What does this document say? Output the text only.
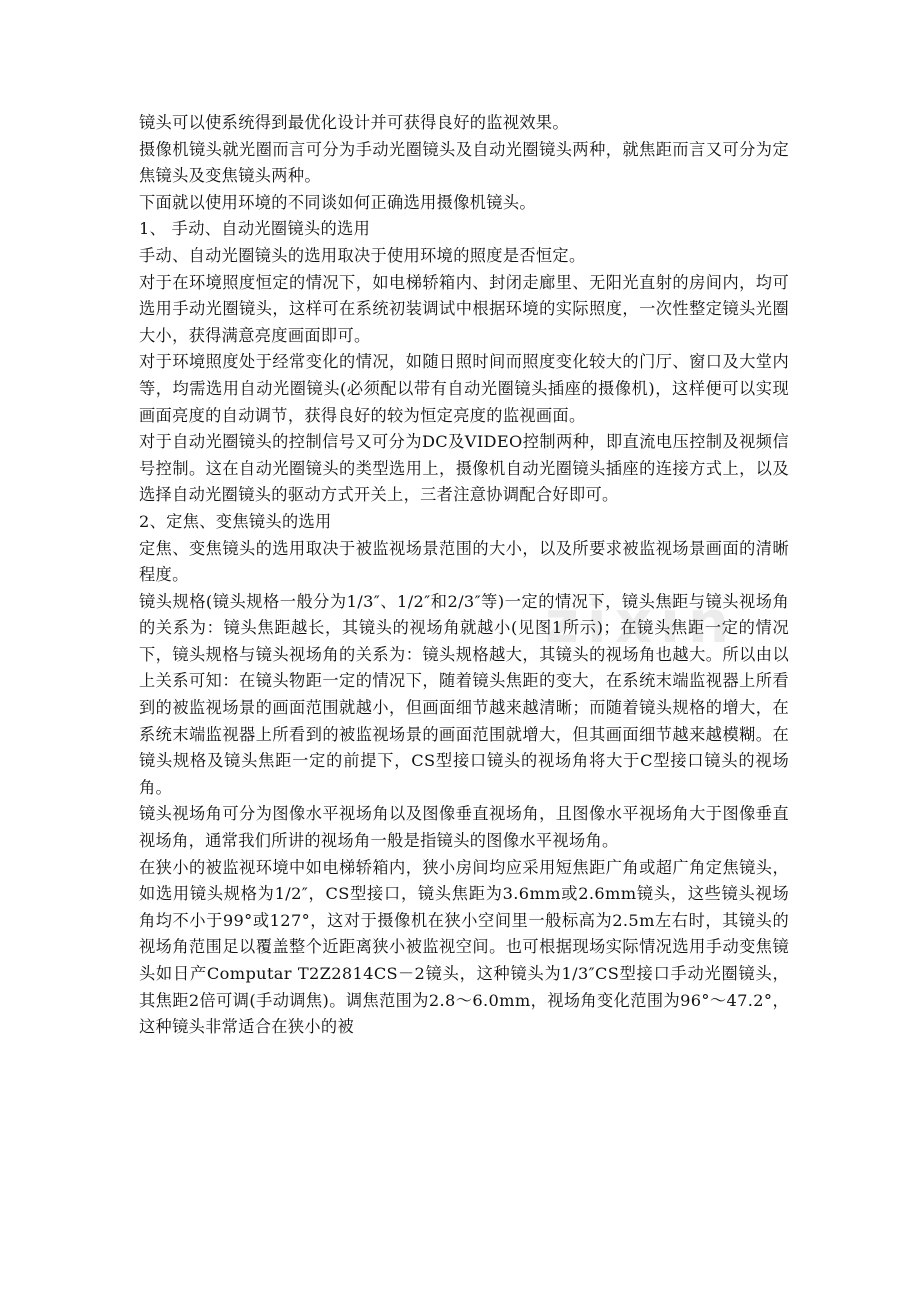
zixin

镜头可以使系统得到最优化设计并可获得良好的监视效果。

摄像机镜头就光圈而言可分为手动光圈镜头及自动光圈镜头两种，就焦距而言又可分为定焦镜头及变焦镜头两种。

下面就以使用环境的不同谈如何正确选用摄像机镜头。

1、 手动、自动光圈镜头的选用

手动、自动光圈镜头的选用取决于使用环境的照度是否恒定。

对于在环境照度恒定的情况下，如电梯轿箱内、封闭走廊里、无阳光直射的房间内，均可选用手动光圈镜头，这样可在系统初装调试中根据环境的实际照度，一次性整定镜头光圈大小，获得满意亮度画面即可。

对于环境照度处于经常变化的情况，如随日照时间而照度变化较大的门厅、窗口及大堂内等，均需选用自动光圈镜头(必须配以带有自动光圈镜头插座的摄像机)，这样便可以实现画面亮度的自动调节，获得良好的较为恒定亮度的监视画面。

对于自动光圈镜头的控制信号又可分为DC及VIDEO控制两种，即直流电压控制及视频信号控制。这在自动光圈镜头的类型选用上，摄像机自动光圈镜头插座的连接方式上，以及选择自动光圈镜头的驱动方式开关上，三者注意协调配合好即可。

2、定焦、变焦镜头的选用

定焦、变焦镜头的选用取决于被监视场景范围的大小，以及所要求被监视场景画面的清晰程度。

镜头规格(镜头规格一般分为1/3″、1/2″和2/3″等)一定的情况下，镜头焦距与镜头视场角的关系为：镜头焦距越长，其镜头的视场角就越小(见图1所示)；在镜头焦距一定的情况下，镜头规格与镜头视场角的关系为：镜头规格越大，其镜头的视场角也越大。所以由以上关系可知：在镜头物距一定的情况下，随着镜头焦距的变大，在系统末端监视器上所看到的被监视场景的画面范围就越小，但画面细节越来越清晰；而随着镜头规格的增大，在系统末端监视器上所看到的被监视场景的画面范围就增大，但其画面细节越来越模糊。在镜头规格及镜头焦距一定的前提下，CS型接口镜头的视场角将大于C型接口镜头的视场角。

镜头视场角可分为图像水平视场角以及图像垂直视场角，且图像水平视场角大于图像垂直视场角，通常我们所讲的视场角一般是指镜头的图像水平视场角。

在狭小的被监视环境中如电梯轿箱内，狭小房间均应采用短焦距广角或超广角定焦镜头，如选用镜头规格为1/2″，CS型接口，镜头焦距为3.6mm或2.6mm镜头，这些镜头视场角均不小于99°或127°，这对于摄像机在狭小空间里一般标高为2.5m左右时，其镜头的视场角范围足以覆盖整个近距离狭小被监视空间。也可根据现场实际情况选用手动变焦镜头如日产Computar T2Z2814CS－2镜头，这种镜头为1/3″CS型接口手动光圈镜头，其焦距2倍可调(手动调焦)。调焦范围为2.8～6.0mm，视场角变化范围为96°～47.2°，这种镜头非常适合在狭小的被
